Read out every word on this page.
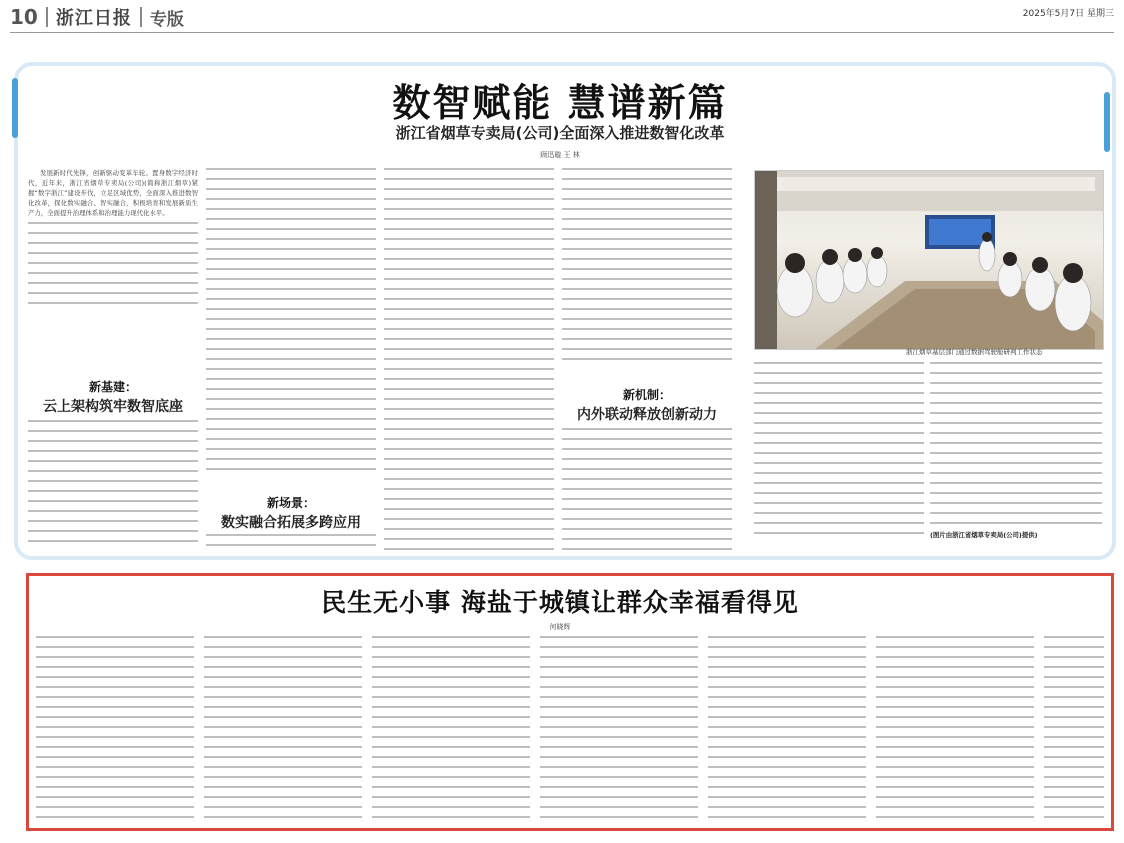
10 浙江日报 专版	2025年5月7日 星期三
数智赋能 慧谱新篇
浙江省烟草专卖局(公司)全面深入推进数智化改革
顾迅璇 王 林

发展新时代先锋，创新驱动变革车轮。置身数字经济时代，近年来，浙江省烟草专卖局(公司)(简称浙江烟草)紧握“数字浙江”建设步伐，立足区域优势，全面深入推进数智化改革，探化数实融合、智实融合，积极培育和发展新质生产力，全面提升治理体系和治理能力现代化水平。

新基建：
云上架构筑牢数智底座
新场景：
数实融合拓展多跨应用
新机制：
内外联动释放创新动力
浙江烟草基层部门通过数据驾驶舱研判工作状态
(图片由浙江省烟草专卖局(公司)提供)
民生无小事 海盐于城镇让群众幸福看得见
何晓辉
